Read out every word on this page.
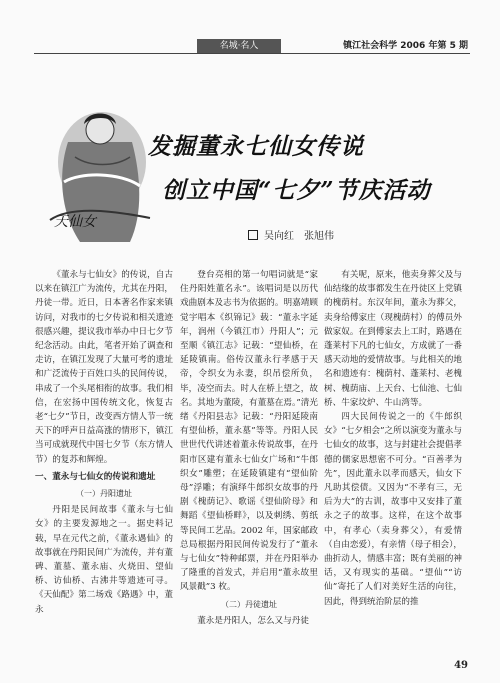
名城·名人	镇江社会科学 2006 年第 5 期
天仙女
发掘董永七仙女传说
创立中国“七夕”节庆活动
吴向红　张旭伟

《董永与七仙女》的传说，自古以来在镇江广为流传，尤其在丹阳，丹徒一带。近日，日本著名作家来镇访问，对我市的七夕传说和相关遗迹很感兴趣，提议我市举办中日七夕节纪念活动。由此，笔者开始了调查和走访，在镇江发现了大量可考的遗址和广泛流传于百姓口头的民间传说，串成了一个头尾相衔的故事。我们相信，在宏扬中国传统文化，恢复古老“七夕”节日，改变西方情人节一统天下的呼声日益高涨的情形下，镇江当可成就现代中国七夕节（东方情人节）的复苏和辉煌。

一、董永与七仙女的传说和遗址
（一）丹阳遗址

丹阳是民间故事《董永与七仙女》的主要发源地之一。据史料记载，早在元代之前，《董永遇仙》的故事就在丹阳民间广为流传，并有董碑、董墓、董永庙、火烧田、望仙桥、访仙桥、古沸井等遗迹可寻。《天仙配》第二场戏《路遇》中，董永

登台亮相的第一句唱词就是“家住丹阳姓董名永”。该唱词是以历代戏曲剧本及志书为依据的。明嘉靖顾觉宇唱本《织锦记》载：“董永字延年，润州（今镇江市）丹阳人”；元至顺《镇江志》记载：“望仙桥，在延陵镇南。俗传汉董永行孝感于天帝，令织女为永妻，织吊偿所负，毕，凌空而去。时人在桥上望之，故名。其地为董陵，有董墓在焉。”清光绪《丹阳县志》记载：“丹阳延陵南有望仙桥，董永墓”等等。丹阳人民世世代代讲述着董永传说故事，在丹阳市区建有董永七仙女广场和“牛郎织女”雕塑；在延陵镇建有“望仙阶母”浮雕；有演绎牛郎织女故事的丹剧《槐荫记》、歌谣《望仙阶母》和舞蹈《望仙桥畔》，以及刺绣、剪纸等民间工艺品。2002 年，国家邮政总局根据丹阳民间传说发行了“董永与七仙女”特种邮票，并在丹阳举办了隆重的首发式，并启用“董永故里风景戳”3 枚。

（二）丹徒遗址

董永是丹阳人，怎么又与丹徒

有关呢，原来，他卖身葬父及与仙结缘的故事都发生在丹徒区上党镇的槐荫村。东汉年间，董永为葬父，卖身给傅家庄（现槐荫村）的傅员外做家奴。在到傅家去上工时，路遇在蓬莱村下凡的七仙女，方成就了一番感天动地的爱情故事。与此相关的地名和遗迹有：槐荫村、蓬莱村、老槐树、槐荫庙、上天台、七仙池、七仙桥、牛家坟炉、牛山湾等。

四大民间传说之一的《牛郎织女》“七夕相会”之所以演变为董永与七仙女的故事，这与封建社会提倡孝德的儒家思想密不可分。“百善孝为先”，因此董永以孝而感天，仙女下凡助其偿债。又因为“不孝有三，无后为大”的古训，故事中又安排了董永之子的故事。这样，在这个故事中，有孝心（卖身葬父），有爱情（自由恋爱），有亲情（母子相会），曲折动人，情感丰富；既有美丽的神话，又有现实的基础。“望仙”“访仙”寄托了人们对美好生活的向往，因此，得到统治阶层的推

49
